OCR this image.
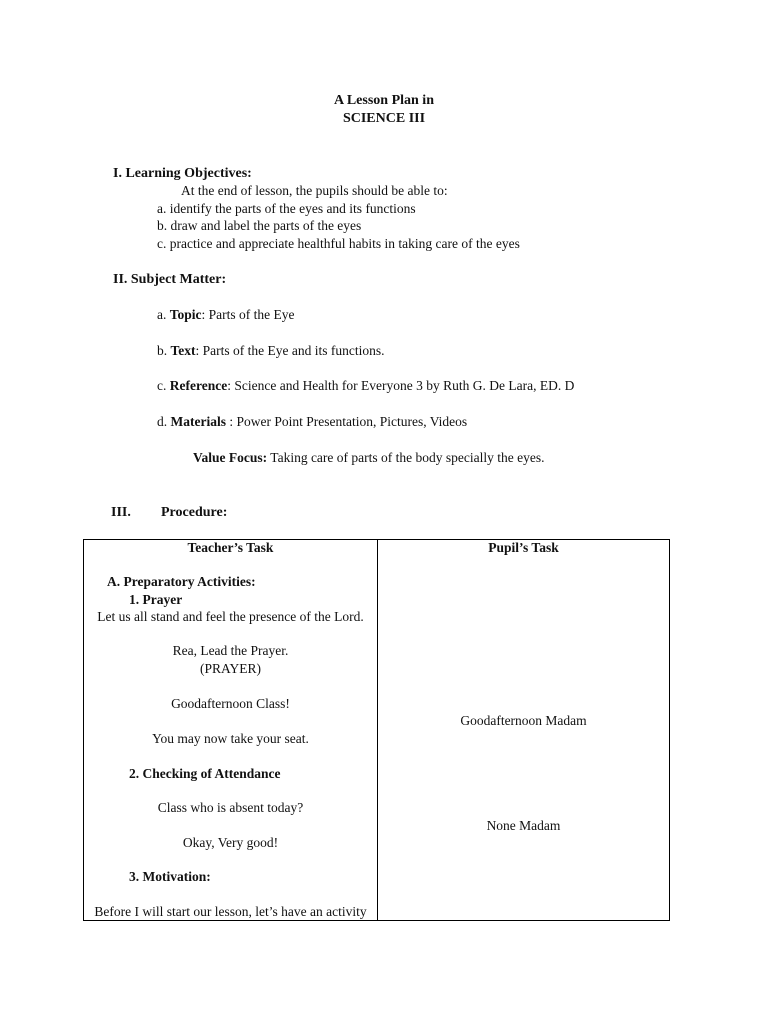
A Lesson Plan in
SCIENCE III
I. Learning Objectives:
At the end of lesson, the pupils should be able to:
a. identify the parts of the eyes and its functions
b. draw and label the parts of the eyes
c. practice and appreciate healthful habits in taking care of the eyes
II. Subject Matter:
a. Topic: Parts of the Eye
b. Text: Parts of the Eye and its functions.
c. Reference: Science and Health for Everyone 3 by Ruth G. De Lara, ED. D
d. Materials : Power Point Presentation, Pictures, Videos
Value Focus: Taking care of parts of the body specially the eyes.
III. Procedure:
Teacher’s Task	Pupil’s Task
A. Preparatory Activities:
1. Prayer
Let us all stand and feel the presence of the Lord.
Rea, Lead the Prayer.
(PRAYER)
Goodafternoon Class!
You may now take your seat.
2. Checking of Attendance
Class who is absent today?
Okay, Very good!
3. Motivation:
Before I will start our lesson, let’s have an activity
Goodafternoon Madam
None Madam
